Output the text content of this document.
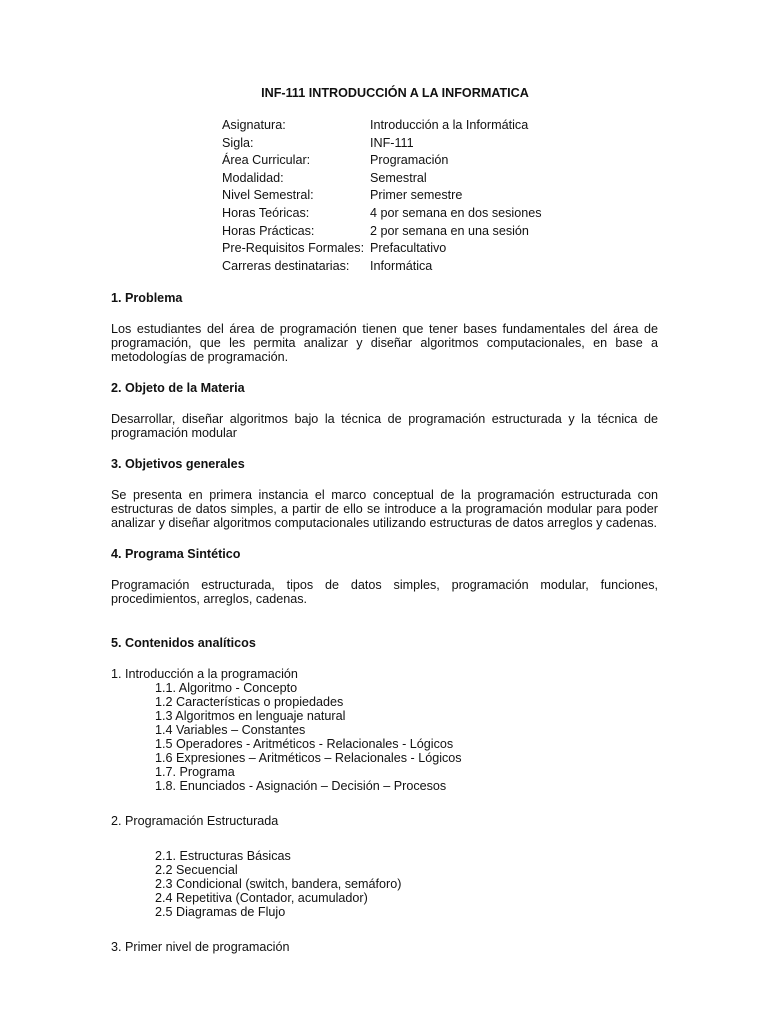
INF-111 INTRODUCCIÓN A LA INFORMATICA
Asignatura:	Introducción a la Informática
Sigla:	INF-111
Área Curricular:	Programación
Modalidad:	Semestral
Nivel Semestral:	Primer semestre
Horas Teóricas:	4 por semana en dos sesiones
Horas Prácticas:	2 por semana en una sesión
Pre-Requisitos Formales: Prefacultativo
Carreras destinatarias:	Informática
1. Problema
Los estudiantes del área de programación tienen que tener bases fundamentales del área de programación, que les permita analizar y diseñar algoritmos computacionales, en base a metodologías de programación.
2. Objeto de la Materia
Desarrollar, diseñar algoritmos bajo la técnica de programación estructurada y la técnica de programación modular
3. Objetivos generales
Se presenta en primera instancia el marco conceptual de la programación estructurada con estructuras de datos simples, a partir de ello se introduce a la programación modular para poder analizar y diseñar algoritmos computacionales utilizando estructuras de datos arreglos y cadenas.
4. Programa Sintético
Programación estructurada, tipos de datos simples, programación modular, funciones, procedimientos, arreglos, cadenas.
5. Contenidos analíticos
1. Introducción a la programación
1.1. Algoritmo - Concepto
1.2 Características o propiedades
1.3 Algoritmos en lenguaje natural
1.4 Variables – Constantes
1.5 Operadores - Aritméticos - Relacionales - Lógicos
1.6 Expresiones – Aritméticos – Relacionales - Lógicos
1.7. Programa
1.8. Enunciados - Asignación – Decisión – Procesos
2. Programación Estructurada
2.1. Estructuras Básicas
2.2 Secuencial
2.3 Condicional (switch, bandera, semáforo)
2.4 Repetitiva (Contador, acumulador)
2.5 Diagramas de Flujo
3. Primer nivel de programación
